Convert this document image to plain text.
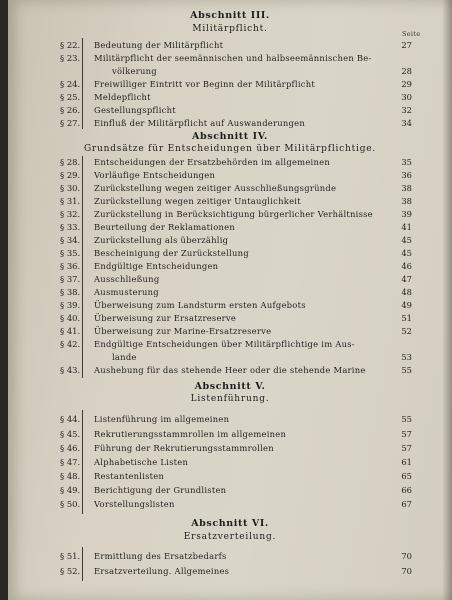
Seite
Abschnitt III.
Militärpflicht.
§ 22. Bedeutung der Militärpflicht	27
§ 23. Militärpflicht der seemännischen und halbseemännischen Be-
völkerung	28
§ 24. Freiwilliger Eintritt vor Beginn der Militärpflicht	29
§ 25. Meldepflicht	30
§ 26. Gestellungspflicht	32
§ 27. Einfluß der Militärpflicht auf Auswanderungen	34
Abschnitt IV.
Grundsätze für Entscheidungen über Militärpflichtige.
§ 28. Entscheidungen der Ersatzbehörden im allgemeinen	35
§ 29. Vorläufige Entscheidungen	36
§ 30. Zurückstellung wegen zeitiger Ausschließungsgründe	38
§ 31. Zurückstellung wegen zeitiger Untauglichkeit	38
§ 32. Zurückstellung in Berücksichtigung bürgerlicher Verhältnisse	39
§ 33. Beurteilung der Reklamationen	41
§ 34. Zurückstellung als überzählig	45
§ 35. Bescheinigung der Zurückstellung	45
§ 36. Endgültige Entscheidungen	46
§ 37. Ausschließung	47
§ 38. Ausmusterung	48
§ 39. Überweisung zum Landsturm ersten Aufgebots	49
§ 40. Überweisung zur Ersatzreserve	51
§ 41. Überweisung zur Marine-Ersatzreserve	52
§ 42. Endgültige Entscheidungen über Militärpflichtige im Aus-
lande	53
§ 43. Aushebung für das stehende Heer oder die stehende Marine	55
Abschnitt V.
Listenführung.
§ 44. Listenführung im allgemeinen	55
§ 45. Rekrutierungsstammrollen im allgemeinen	57
§ 46. Führung der Rekrutierungsstammrollen	57
§ 47. Alphabetische Listen	61
§ 48. Restantenlisten	65
§ 49. Berichtigung der Grundlisten	66
§ 50. Vorstellungslisten	67
Abschnitt VI.
Ersatzverteilung.
§ 51. Ermittlung des Ersatzbedarfs	70
§ 52. Ersatzverteilung. Allgemeines	70
